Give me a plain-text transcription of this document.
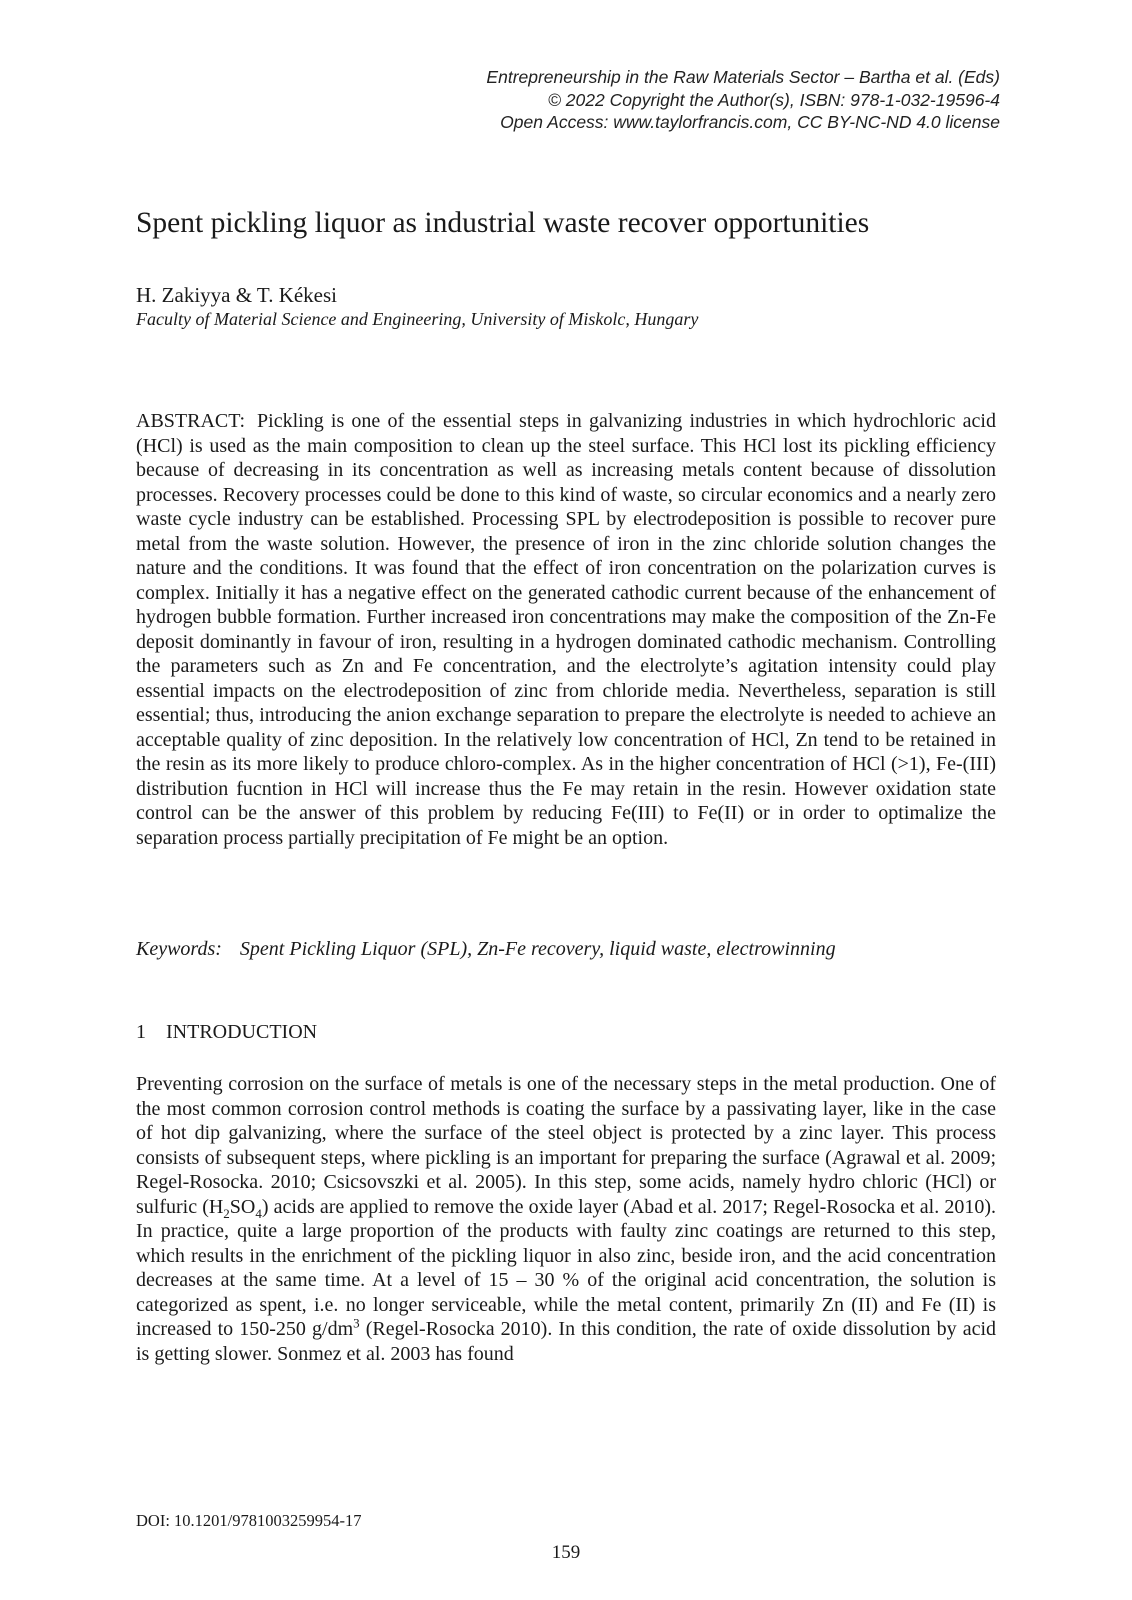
Entrepreneurship in the Raw Materials Sector – Bartha et al. (Eds)
© 2022 Copyright the Author(s), ISBN: 978-1-032-19596-4
Open Access: www.taylorfrancis.com, CC BY-NC-ND 4.0 license
Spent pickling liquor as industrial waste recover opportunities
H. Zakiyya & T. Kékesi
Faculty of Material Science and Engineering, University of Miskolc, Hungary
ABSTRACT: Pickling is one of the essential steps in galvanizing industries in which hydrochloric acid (HCl) is used as the main composition to clean up the steel surface. This HCl lost its pickling efficiency because of decreasing in its concentration as well as increasing metals content because of dissolution processes. Recovery processes could be done to this kind of waste, so circular economics and a nearly zero waste cycle industry can be established. Processing SPL by electrodeposition is possible to recover pure metal from the waste solution. However, the presence of iron in the zinc chloride solution changes the nature and the conditions. It was found that the effect of iron concentration on the polarization curves is complex. Initially it has a negative effect on the generated cathodic current because of the enhancement of hydrogen bubble formation. Further increased iron concentrations may make the composition of the Zn-Fe deposit dominantly in favour of iron, resulting in a hydrogen dominated cathodic mechanism. Controlling the parameters such as Zn and Fe concentration, and the electrolyte’s agitation intensity could play essential impacts on the electrodeposition of zinc from chloride media. Nevertheless, separation is still essential; thus, introducing the anion exchange separation to prepare the electrolyte is needed to achieve an acceptable quality of zinc deposition. In the relatively low concentration of HCl, Zn tend to be retained in the resin as its more likely to produce chloro-complex. As in the higher concentration of HCl (>1), Fe-(III) distribution fucntion in HCl will increase thus the Fe may retain in the resin. However oxidation state control can be the answer of this problem by reducing Fe(III) to Fe(II) or in order to optimalize the separation process partially precipitation of Fe might be an option.
Keywords: Spent Pickling Liquor (SPL), Zn-Fe recovery, liquid waste, electrowinning
1 INTRODUCTION
Preventing corrosion on the surface of metals is one of the necessary steps in the metal production. One of the most common corrosion control methods is coating the surface by a passivating layer, like in the case of hot dip galvanizing, where the surface of the steel object is protected by a zinc layer. This process consists of subsequent steps, where pickling is an important for preparing the surface (Agrawal et al. 2009; Regel-Rosocka. 2010; Csicsovszki et al. 2005). In this step, some acids, namely hydro chloric (HCl) or sulfuric $(H_2SO_4)$ acids are applied to remove the oxide layer (Abad et al. 2017; Regel-Rosocka et al. 2010). In practice, quite a large proportion of the products with faulty zinc coatings are returned to this step, which results in the enrichment of the pickling liquor in also zinc, beside iron, and the acid concentration decreases at the same time. At a level of 15 – 30 % of the original acid concentration, the solution is categorized as spent, i.e. no longer serviceable, while the metal content, primarily Zn (II) and Fe (II) is increased to 150-250 $g/dm^3$ (Regel-Rosocka 2010). In this condition, the rate of oxide dissolution by acid is getting slower. Sonmez et al. 2003 has found
DOI: 10.1201/9781003259954-17
159
